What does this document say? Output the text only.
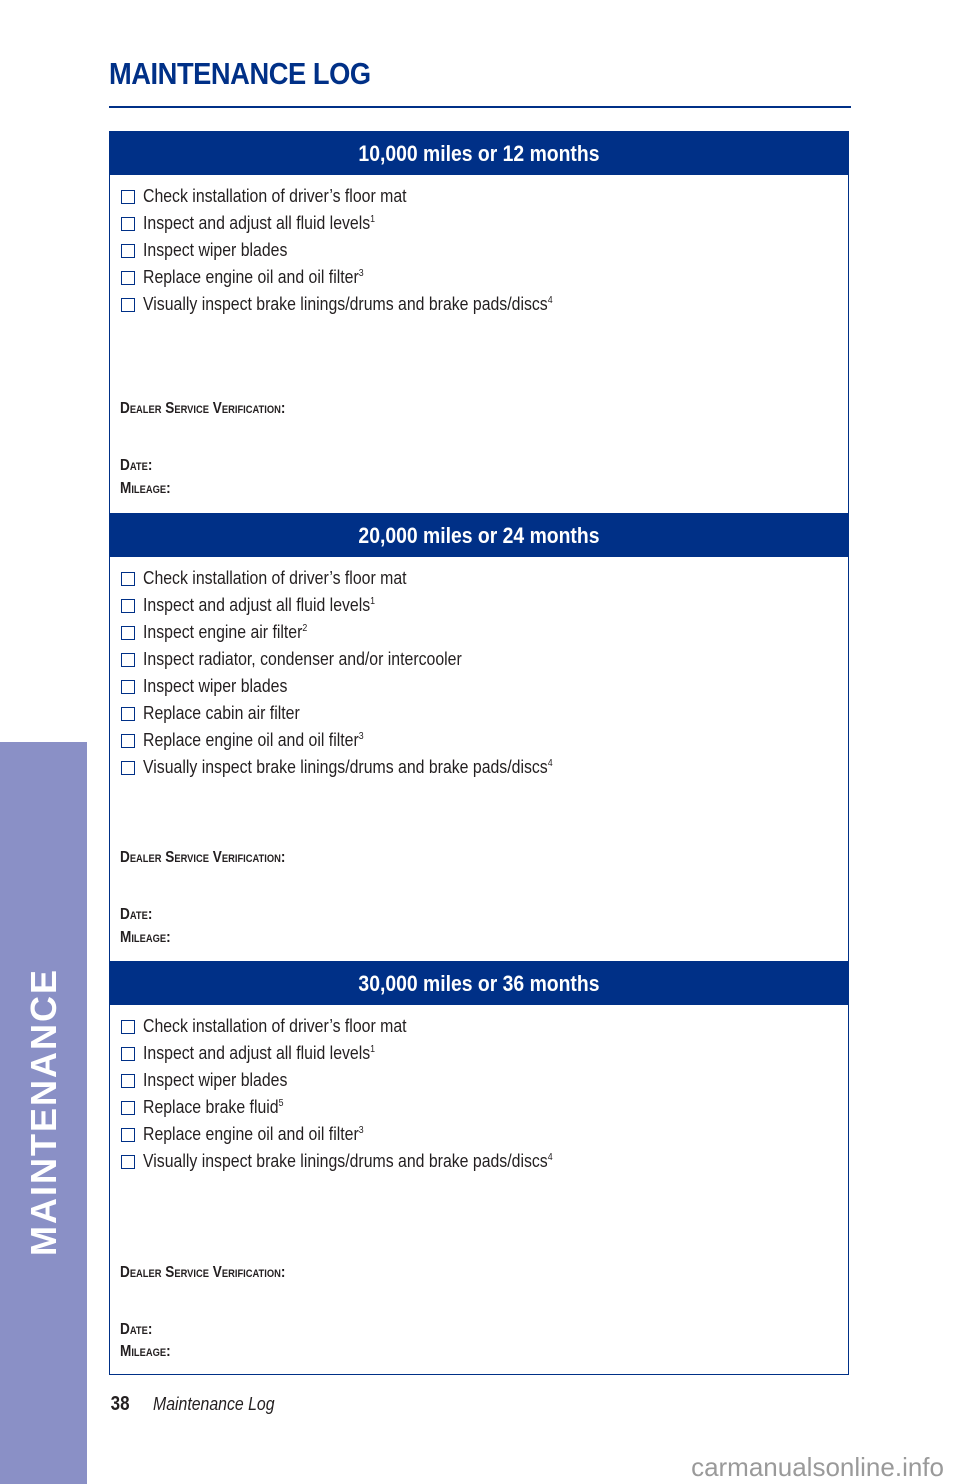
MAINTENANCE LOG
MAINTENANCE
10,000 miles or 12 months
Check installation of driver’s floor mat
Inspect and adjust all fluid levels$^1$
Inspect wiper blades
Replace engine oil and oil filter$^3$
Visually inspect brake linings/drums and brake pads/discs$^4$
Dealer Service Verification:
Date:
Mileage:
20,000 miles or 24 months
Check installation of driver’s floor mat
Inspect and adjust all fluid levels$^1$
Inspect engine air filter$^2$
Inspect radiator, condenser and/or intercooler
Inspect wiper blades
Replace cabin air filter
Replace engine oil and oil filter$^3$
Visually inspect brake linings/drums and brake pads/discs$^4$
Dealer Service Verification:
Date:
Mileage:
30,000 miles or 36 months
Check installation of driver’s floor mat
Inspect and adjust all fluid levels$^1$
Inspect wiper blades
Replace brake fluid$^5$
Replace engine oil and oil filter$^3$
Visually inspect brake linings/drums and brake pads/discs$^4$
Dealer Service Verification:
Date:
Mileage:
38 Maintenance Log
carmanualsonline.info
